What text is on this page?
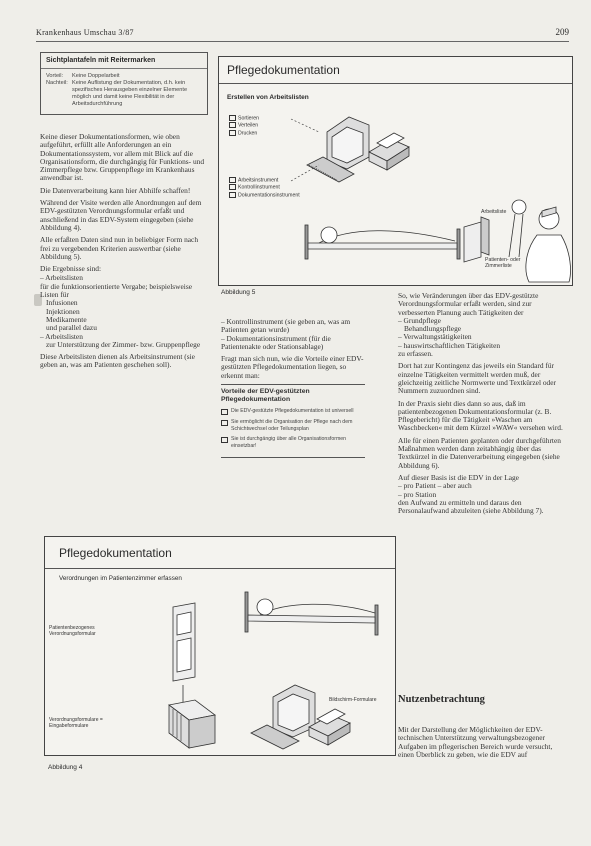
Krankenhaus Umschau 3/87	209
Sichtplantafeln mit Reitermarken
Vorteil:	Keine Doppelarbeit
Nachteil: Keine Auflistung der Dokumentation, d.h. kein spezifisches Herausgeben einzelner Elemente möglich und damit keine Flexibilität in der Arbeitsdurchführung

Keine dieser Dokumentationsformen, wie oben aufgeführt, erfüllt alle Anforderungen an ein Dokumentationssystem, vor allem mit Blick auf die Organisationsform, die durchgängig für Funktions- und Zimmerpflege bzw. Gruppenpflege im Krankenhaus anwendbar ist.

Die Datenverarbeitung kann hier Abhilfe schaffen!

Während der Visite werden alle Anordnungen auf dem EDV-gestützten Verordnungsformular erfaßt und anschließend in das EDV-System eingegeben (siehe Abbildung 4).

Alle erfaßten Daten sind nun in beliebiger Form nach frei zu vergebenden Kriterien auswertbar (siehe Abbildung 5).

Die Ergebnisse sind:

– Arbeitslisten
für die funktionsorientierte Vergabe; beispielsweise Listen für
Infusionen
Injektionen
Medikamente
und parallel dazu
– Arbeitslisten
zur Unterstützung der Zimmer- bzw. Gruppenpflege

Diese Arbeitslisten dienen als Arbeitsinstrument (sie geben an, was am Patienten geschehen soll).

Pflegedokumentation
Erstellen von Arbeitslisten
Sortieren
Verteilen
Drucken
Arbeitsinstrument
Kontrollinstrument
Dokumentationsinstrument
Arbeitsliste
Patienten- oder Zimmerliste
Abbildung 5
– Kontrollinstrument (sie geben an, was am Patienten getan wurde)
– Dokumentationsinstrument (für die Patientenakte oder Stationsablage)

Fragt man sich nun, wie die Vorteile einer EDV-gestützten Pflegedokumentation liegen, so erkennt man:

Vorteile der EDV-gestützten Pflegedokumentation
Die EDV-gestützte Pflegedokumentation ist universell
Sie ermöglicht die Organisation der Pflege nach dem Schichtwechsel oder Teilungsplan
Sie ist durchgängig über alle Organisationsformen einsetzbar!

So, wie Veränderungen über das EDV-gestützte Verordnungsformular erfaßt werden, sind zur verbesserten Planung auch Tätigkeiten der

– Grundpflege
Behandlungspflege
– Verwaltungstätigkeiten
– hauswirtschaftlichen Tätigkeiten

zu erfassen.

Dort hat zur Kontingenz das jeweils ein Standard für einzelne Tätigkeiten vermittelt werden muß, der gleichzeitig zeitliche Normwerte und Textkürzel oder Nummern zuzuordnen sind.

In der Praxis sieht dies dann so aus, daß im patientenbezogenen Dokumentationsformular (z. B. Pflegebericht) für die Tätigkeit »Waschen am Waschbecken« mit dem Kürzel »WAW« versehen wird.

Alle für einen Patienten geplanten oder durchgeführten Maßnahmen werden dann zeitabhängig über das Textkürzel in die Datenverarbeitung eingegeben (siehe Abbildung 6).

Auf dieser Basis ist die EDV in der Lage

– pro Patient – aber auch
– pro Station

den Aufwand zu ermitteln und daraus den Personalaufwand abzuleiten (siehe Abbildung 7).

Nutzenbetrachtung

Mit der Darstellung der Möglichkeiten der EDV-technischen Unterstützung verwaltungsbezogener Aufgaben im pflegerischen Bereich wurde versucht, einen Überblick zu geben, wie die EDV auf

Pflegedokumentation
Verordnungen im Patientenzimmer erfassen
Patientenbezogenes Verordnungsformular
Bildschirm-Formulare
Verordnungsformulare = Eingabeformulare
Abbildung 4
